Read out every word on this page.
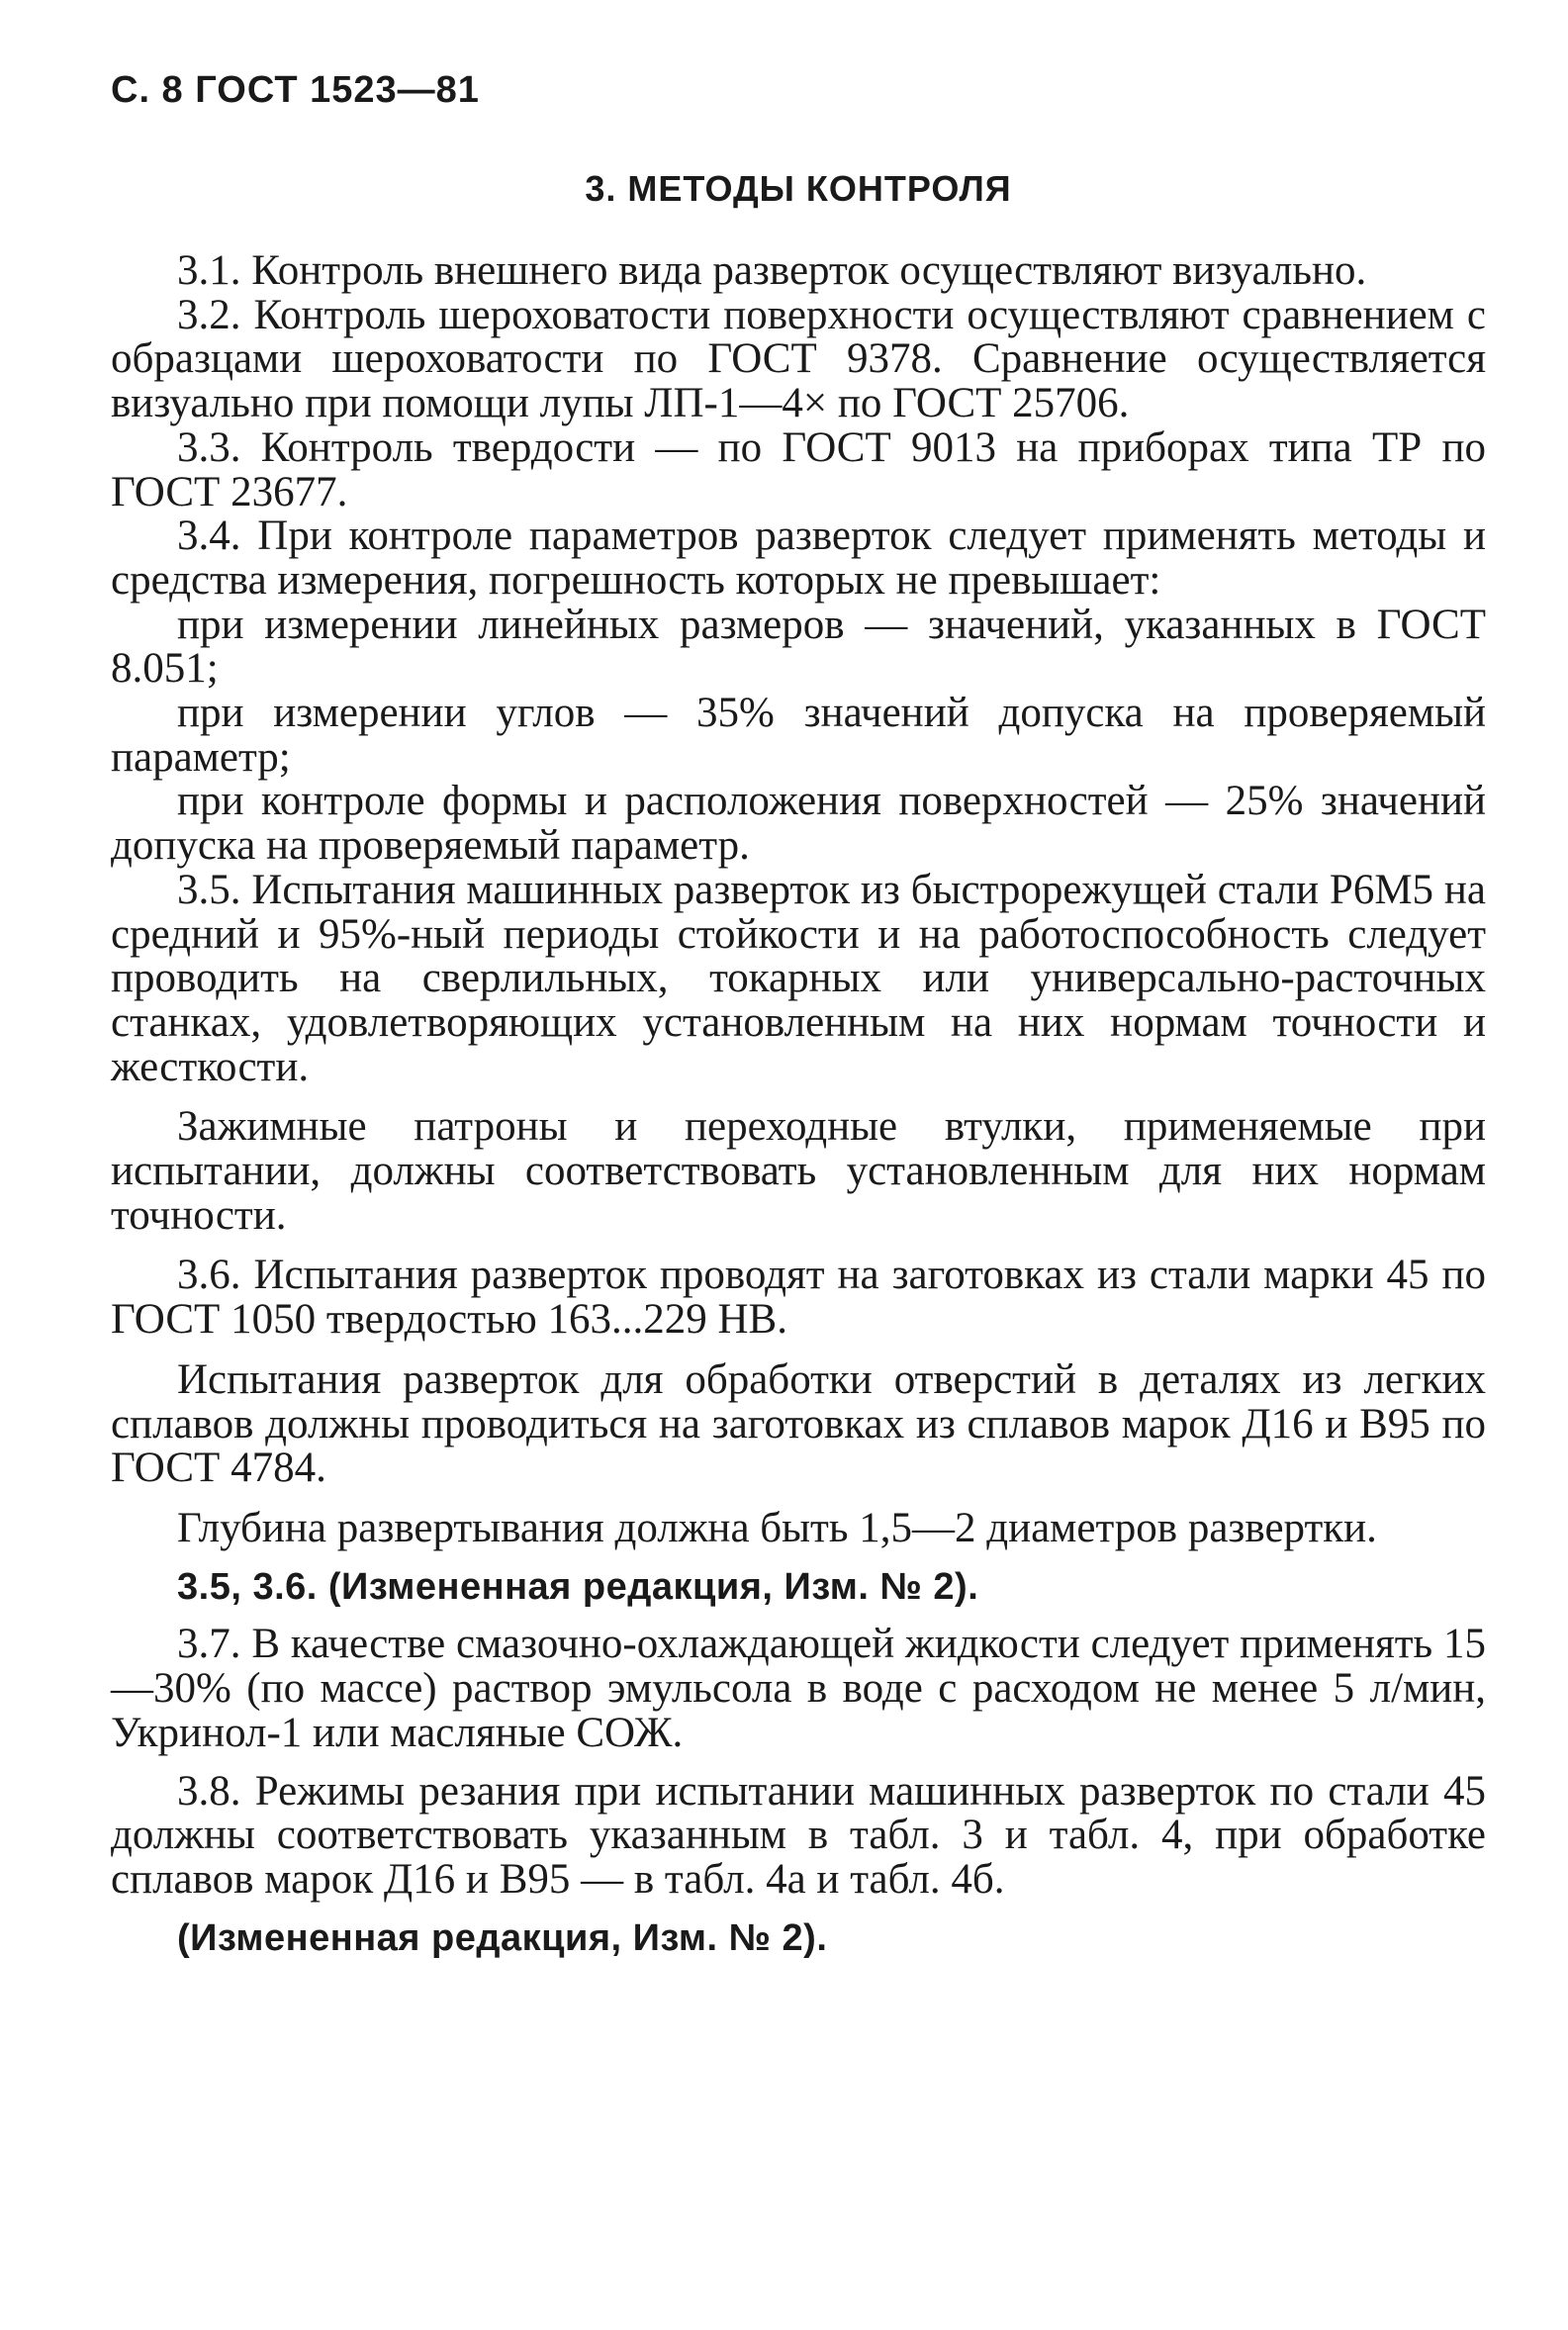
С. 8 ГОСТ 1523—81
3. МЕТОДЫ КОНТРОЛЯ

3.1. Контроль внешнего вида разверток осуществляют визуально.

3.2. Контроль шероховатости поверхности осуществляют сравнением с образцами шероховатости по ГОСТ 9378. Сравнение осуществляется визуально при помощи лупы ЛП-1—4× по ГОСТ 25706.

3.3. Контроль твердости — по ГОСТ 9013 на приборах типа ТР по ГОСТ 23677.

3.4. При контроле параметров разверток следует применять методы и средства измерения, погрешность которых не превышает:

при измерении линейных размеров — значений, указанных в ГОСТ 8.051;

при измерении углов — 35% значений допуска на проверяемый параметр;

при контроле формы и расположения поверхностей — 25% значений допуска на проверяемый параметр.

3.5. Испытания машинных разверток из быстрорежущей стали Р6М5 на средний и 95%-ный периоды стойкости и на работоспособность следует проводить на сверлильных, токарных или универсально-расточных станках, удовлетворяющих установленным на них нормам точности и жесткости.

Зажимные патроны и переходные втулки, применяемые при испытании, должны соответствовать установленным для них нормам точности.

3.6. Испытания разверток проводят на заготовках из стали марки 45 по ГОСТ 1050 твердостью 163...229 НВ.

Испытания разверток для обработки отверстий в деталях из легких сплавов должны проводиться на заготовках из сплавов марок Д16 и В95 по ГОСТ 4784.

Глубина развертывания должна быть 1,5—2 диаметров развертки.

3.5, 3.6. (Измененная редакция, Изм. № 2).

3.7. В качестве смазочно-охлаждающей жидкости следует применять 15—30% (по массе) раствор эмульсола в воде с расходом не менее 5 л/мин, Укринол-1 или масляные СОЖ.

3.8. Режимы резания при испытании машинных разверток по стали 45 должны соответствовать указанным в табл. 3 и табл. 4, при обработке сплавов марок Д16 и В95 — в табл. 4а и табл. 4б.

(Измененная редакция, Изм. № 2).
